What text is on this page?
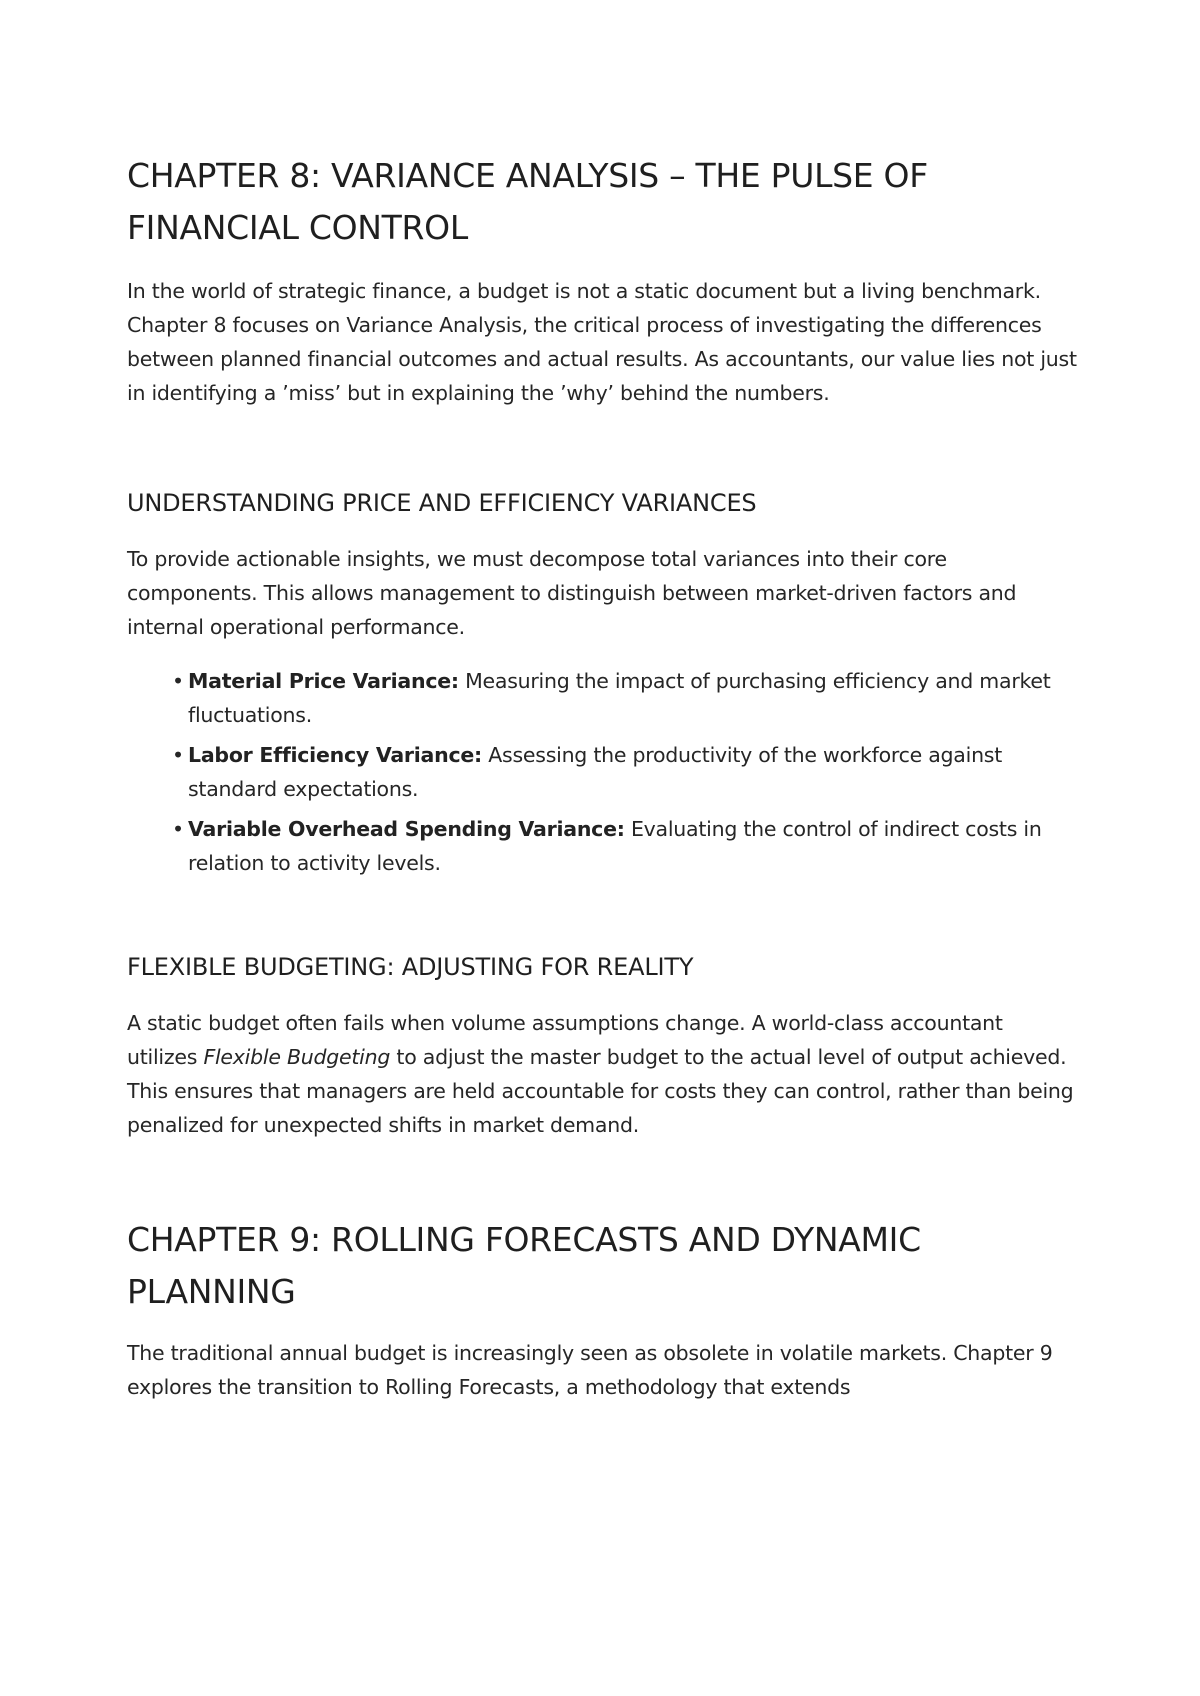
CHAPTER 8: VARIANCE ANALYSIS – THE PULSE OF FINANCIAL CONTROL

In the world of strategic finance, a budget is not a static document but a living benchmark. Chapter 8 focuses on Variance Analysis, the critical process of investigating the differences between planned financial outcomes and actual results. As accountants, our value lies not just in identifying a ’miss’ but in explaining the ’why’ behind the numbers.

UNDERSTANDING PRICE AND EFFICIENCY VARIANCES

To provide actionable insights, we must decompose total variances into their core components. This allows management to distinguish between market-driven factors and internal operational performance.

• Material Price Variance: Measuring the impact of purchasing efficiency and market fluctuations.
• Labor Efficiency Variance: Assessing the productivity of the workforce against standard expectations.
• Variable Overhead Spending Variance: Evaluating the control of indirect costs in relation to activity levels.
FLEXIBLE BUDGETING: ADJUSTING FOR REALITY

A static budget often fails when volume assumptions change. A world-class accountant utilizes Flexible Budgeting to adjust the master budget to the actual level of output achieved. This ensures that managers are held accountable for costs they can control, rather than being penalized for unexpected shifts in market demand.

CHAPTER 9: ROLLING FORECASTS AND DYNAMIC PLANNING

The traditional annual budget is increasingly seen as obsolete in volatile markets. Chapter 9 explores the transition to Rolling Forecasts, a methodology that extends
